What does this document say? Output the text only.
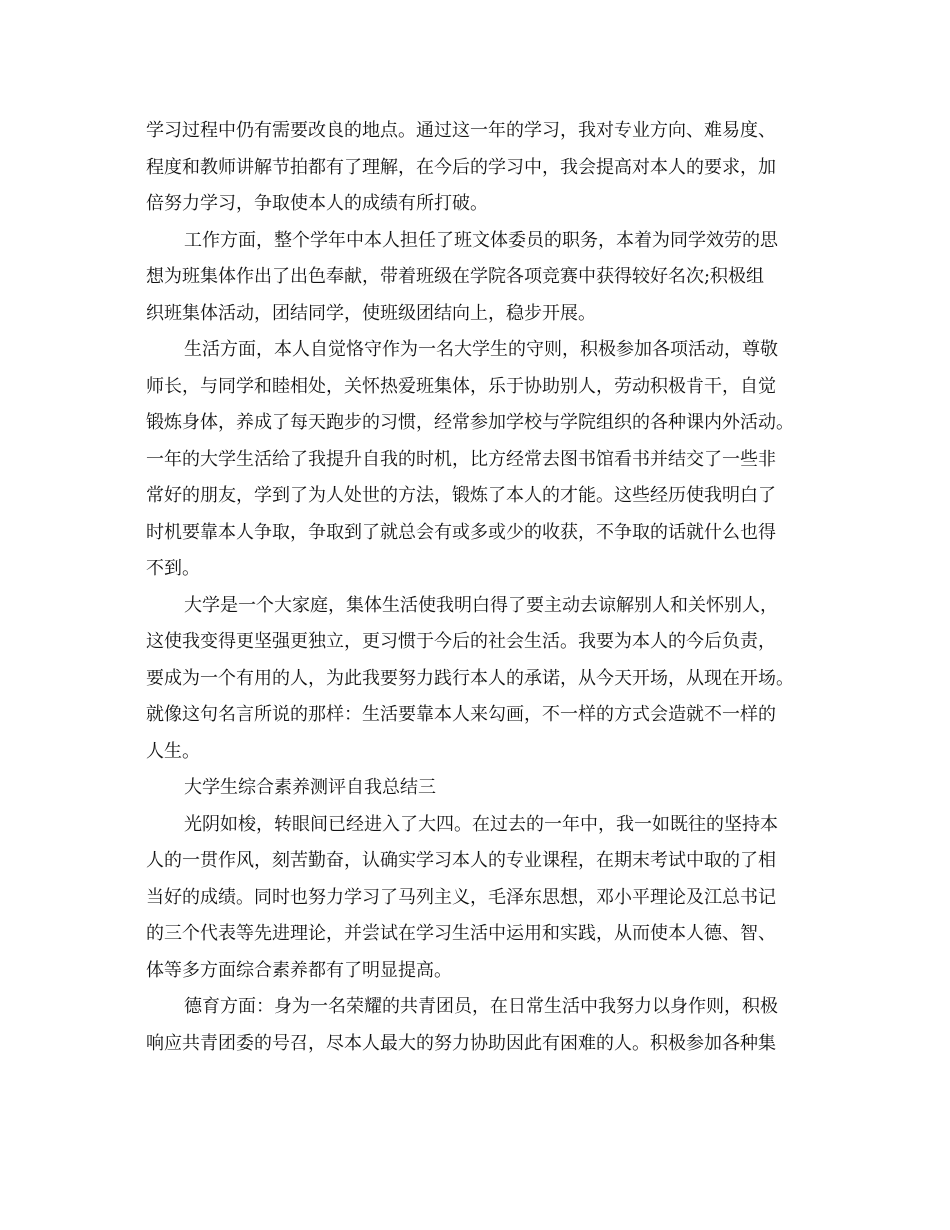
学习过程中仍有需要改良的地点。通过这一年的学习，我对专业方向、难易度、
程度和教师讲解节拍都有了理解，在今后的学习中，我会提高对本人的要求，加
倍努力学习，争取使本人的成绩有所打破。
工作方面，整个学年中本人担任了班文体委员的职务，本着为同学效劳的思
想为班集体作出了出色奉献，带着班级在学院各项竞赛中获得较好名次;积极组
织班集体活动，团结同学，使班级团结向上，稳步开展。
生活方面，本人自觉恪守作为一名大学生的守则，积极参加各项活动，尊敬
师长，与同学和睦相处，关怀热爱班集体，乐于协助别人，劳动积极肯干，自觉
锻炼身体，养成了每天跑步的习惯，经常参加学校与学院组织的各种课内外活动。
一年的大学生活给了我提升自我的时机，比方经常去图书馆看书并结交了一些非
常好的朋友，学到了为人处世的方法，锻炼了本人的才能。这些经历使我明白了
时机要靠本人争取，争取到了就总会有或多或少的收获，不争取的话就什么也得
不到。
大学是一个大家庭，集体生活使我明白得了要主动去谅解别人和关怀别人，
这使我变得更坚强更独立，更习惯于今后的社会生活。我要为本人的今后负责，
要成为一个有用的人，为此我要努力践行本人的承诺，从今天开场，从现在开场。
就像这句名言所说的那样：生活要靠本人来勾画，不一样的方式会造就不一样的
人生。
大学生综合素养测评自我总结三
光阴如梭，转眼间已经进入了大四。在过去的一年中，我一如既往的坚持本
人的一贯作风，刻苦勤奋，认确实学习本人的专业课程，在期末考试中取的了相
当好的成绩。同时也努力学习了马列主义，毛泽东思想，邓小平理论及江总书记
的三个代表等先进理论，并尝试在学习生活中运用和实践，从而使本人德、智、
体等多方面综合素养都有了明显提高。
德育方面：身为一名荣耀的共青团员，在日常生活中我努力以身作则，积极
响应共青团委的号召，尽本人最大的努力协助因此有困难的人。积极参加各种集
